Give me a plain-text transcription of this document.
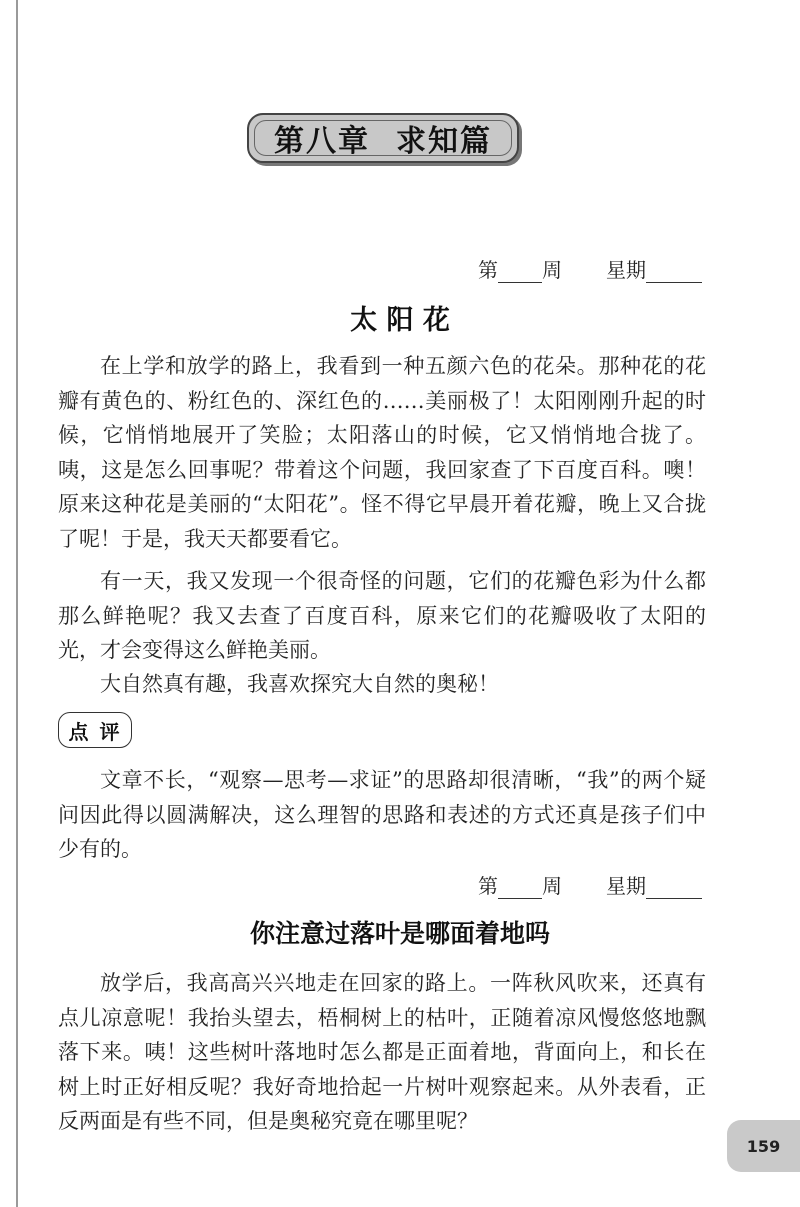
第八章 求知篇
第 周 星期
太 阳 花

在上学和放学的路上，我看到一种五颜六色的花朵。那种花的花瓣有黄色的、粉红色的、深红色的……美丽极了！太阳刚刚升起的时候，它悄悄地展开了笑脸；太阳落山的时候，它又悄悄地合拢了。咦，这是怎么回事呢？带着这个问题，我回家查了下百度百科。噢！原来这种花是美丽的“太阳花”。怪不得它早晨开着花瓣，晚上又合拢了呢！于是，我天天都要看它。

有一天，我又发现一个很奇怪的问题，它们的花瓣色彩为什么都那么鲜艳呢？我又去查了百度百科，原来它们的花瓣吸收了太阳的光，才会变得这么鲜艳美丽。

大自然真有趣，我喜欢探究大自然的奥秘！

点 评

文章不长，“观察—思考—求证”的思路却很清晰，“我”的两个疑问因此得以圆满解决，这么理智的思路和表述的方式还真是孩子们中少有的。

第 周 星期
你注意过落叶是哪面着地吗

放学后，我高高兴兴地走在回家的路上。一阵秋风吹来，还真有点儿凉意呢！我抬头望去，梧桐树上的枯叶，正随着凉风慢悠悠地飘落下来。咦！这些树叶落地时怎么都是正面着地，背面向上，和长在树上时正好相反呢？我好奇地拾起一片树叶观察起来。从外表看，正反两面是有些不同，但是奥秘究竟在哪里呢？

159
